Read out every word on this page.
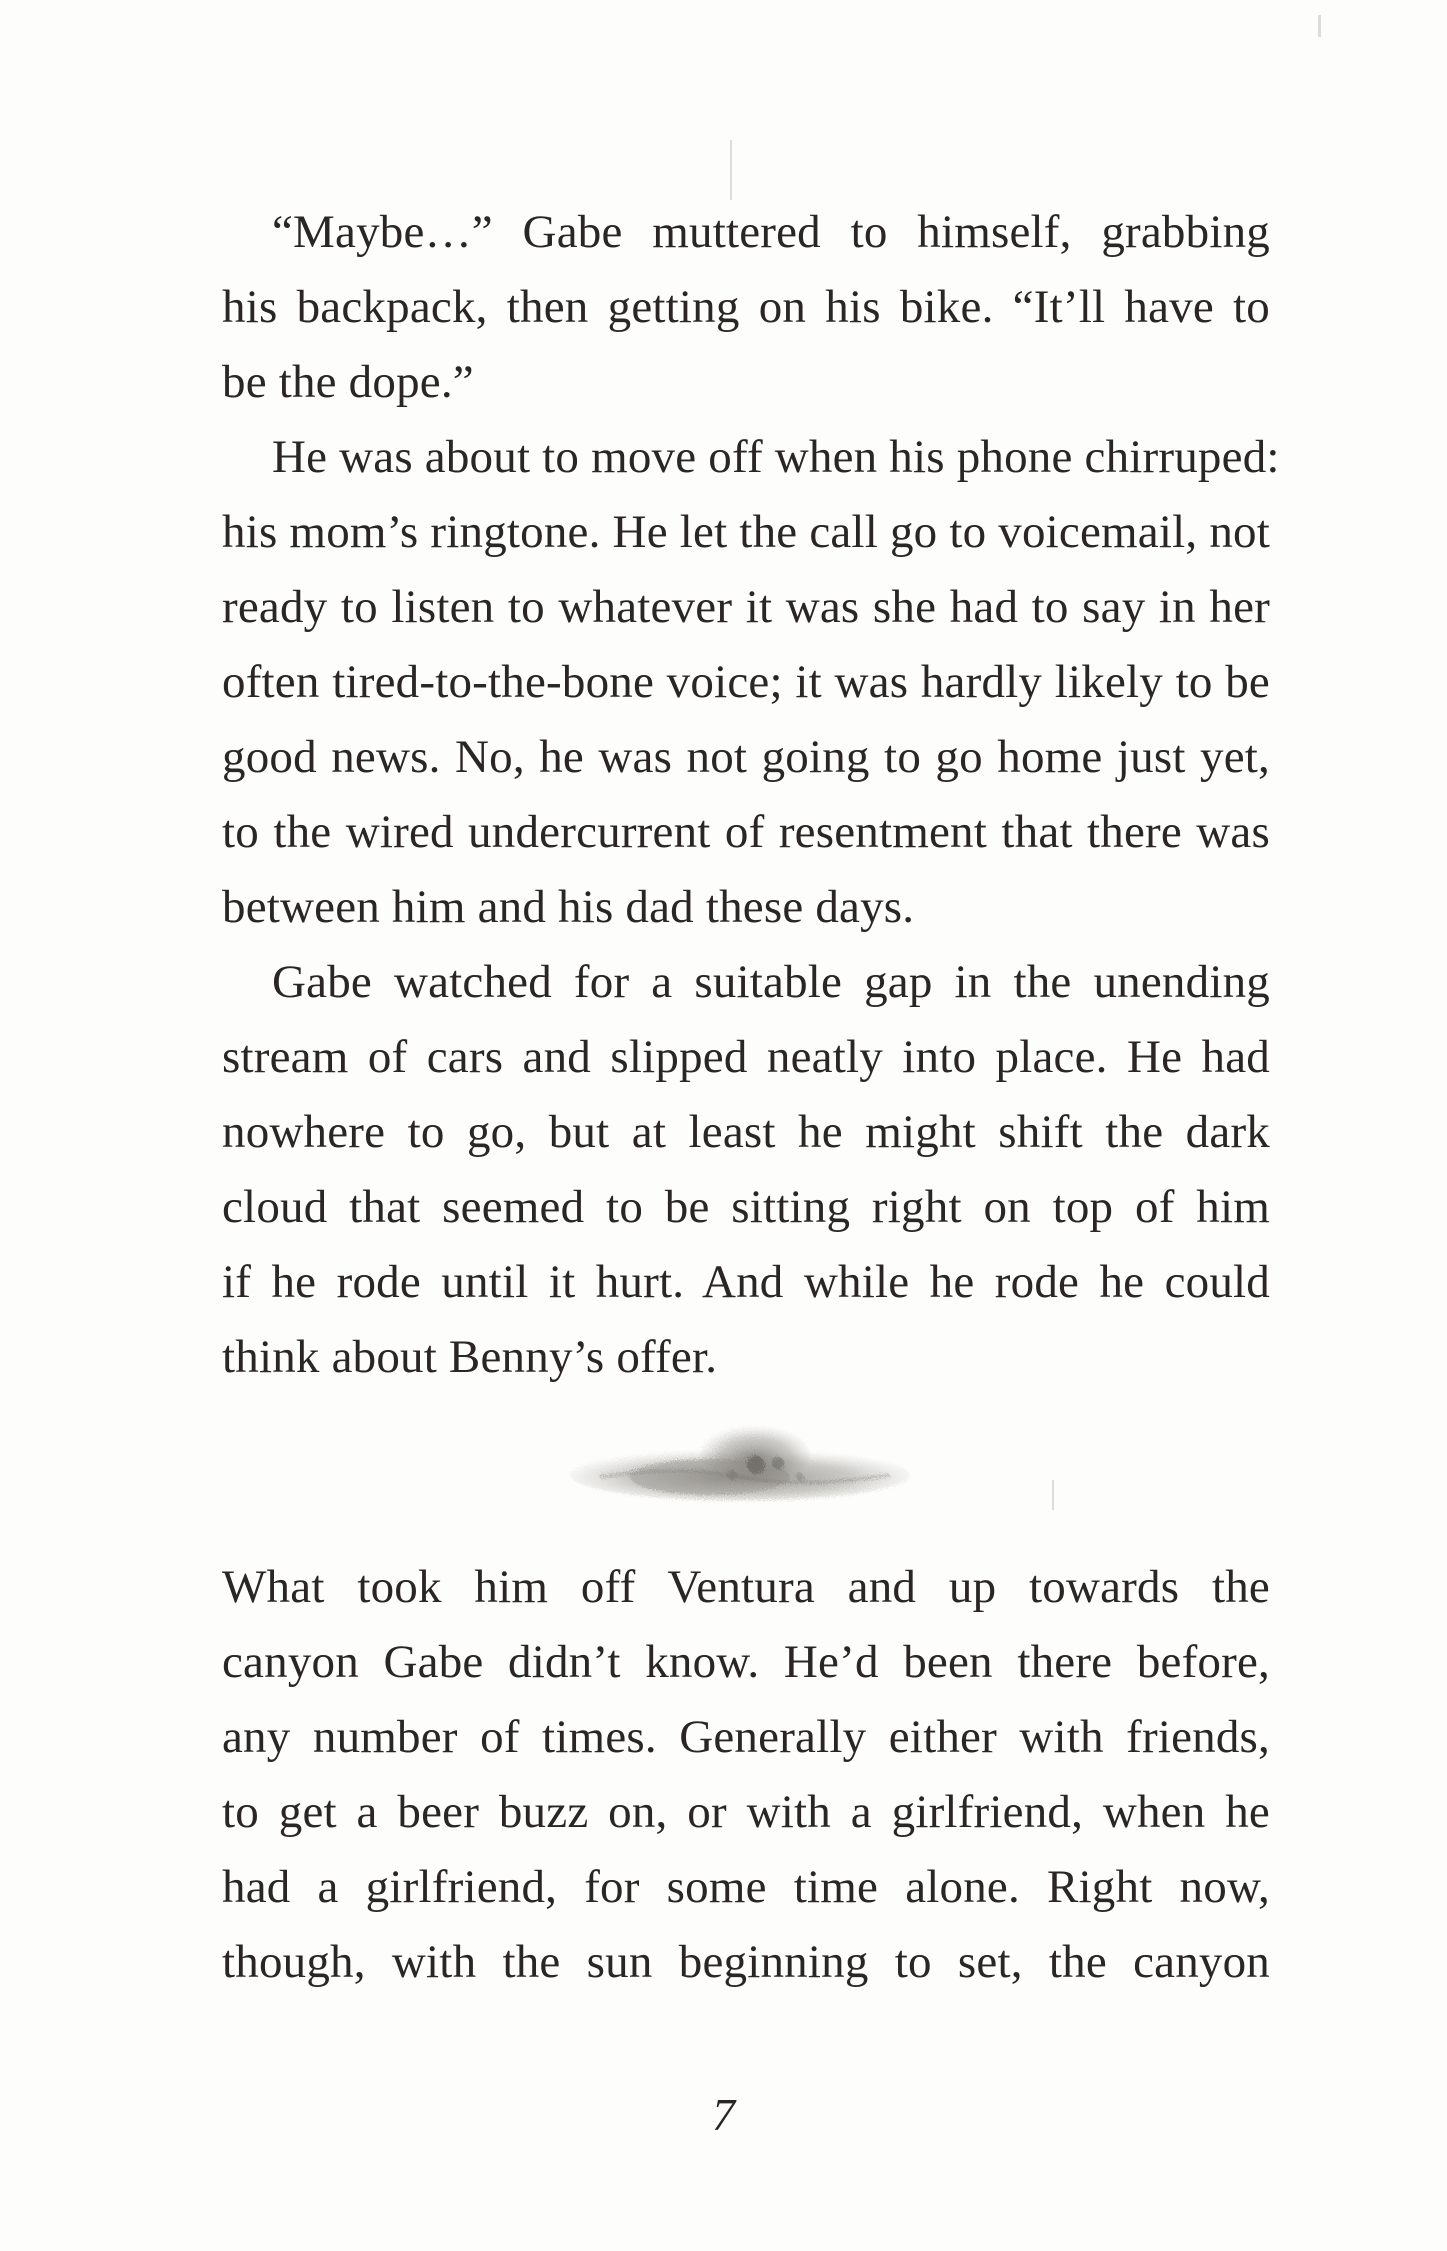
“Maybe…” Gabe muttered to himself, grabbing
his backpack, then getting on his bike. “It’ll have to
be the dope.”
He was about to move off when his phone chirruped:
his mom’s ringtone. He let the call go to voicemail, not
ready to listen to whatever it was she had to say in her
often tired-to-the-bone voice; it was hardly likely to be
good news. No, he was not going to go home just yet,
to the wired undercurrent of resentment that there was
between him and his dad these days.
Gabe watched for a suitable gap in the unending
stream of cars and slipped neatly into place. He had
nowhere to go, but at least he might shift the dark
cloud that seemed to be sitting right on top of him
if he rode until it hurt. And while he rode he could
think about Benny’s offer.
What took him off Ventura and up towards the
canyon Gabe didn’t know. He’d been there before,
any number of times. Generally either with friends,
to get a beer buzz on, or with a girlfriend, when he
had a girlfriend, for some time alone. Right now,
though, with the sun beginning to set, the canyon
7
